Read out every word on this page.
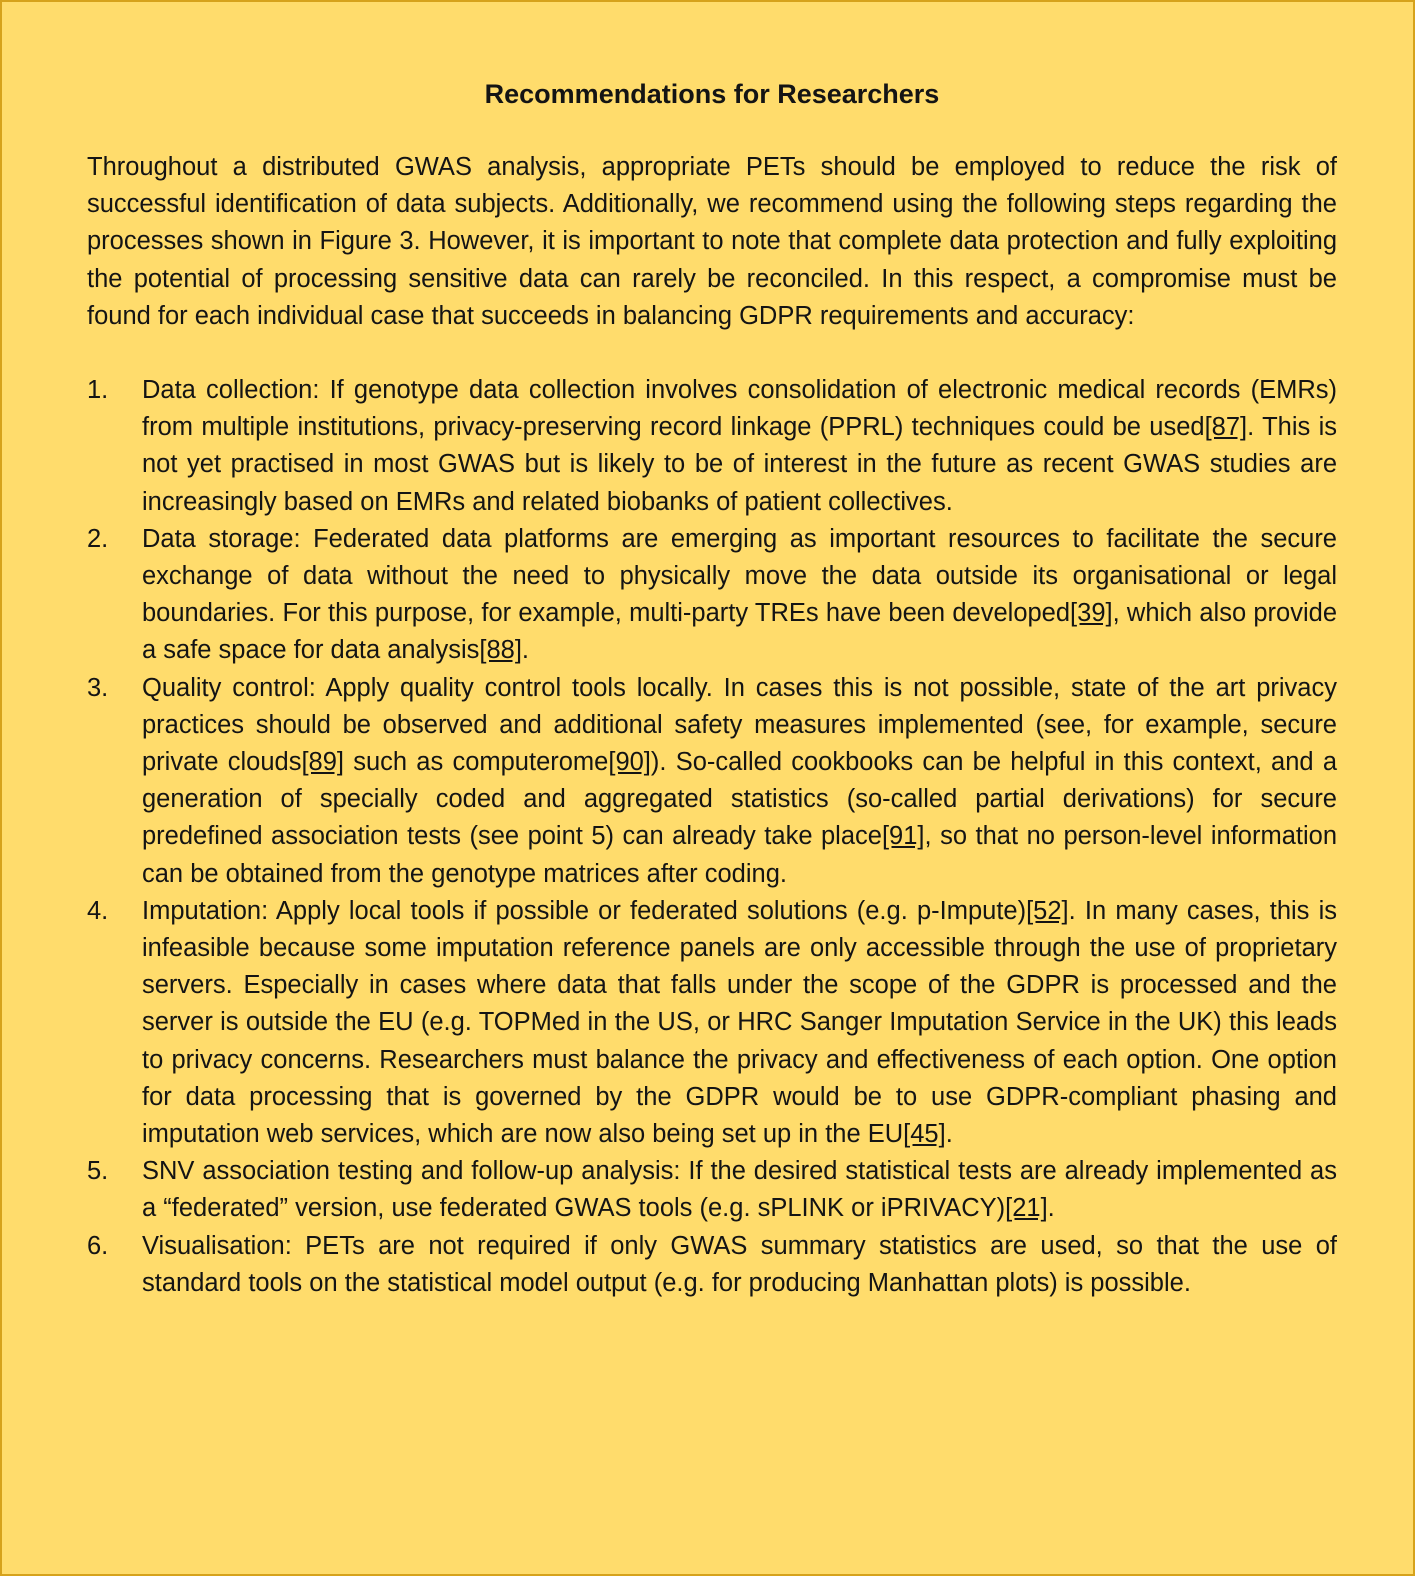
Recommendations for Researchers

Throughout a distributed GWAS analysis, appropriate PETs should be employed to reduce the risk of successful identification of data subjects. Additionally, we recommend using the following steps regarding the processes shown in Figure 3. However, it is important to note that complete data protection and fully exploiting the potential of processing sensitive data can rarely be reconciled. In this respect, a compromise must be found for each individual case that succeeds in balancing GDPR requirements and accuracy:

1. Data collection: If genotype data collection involves consolidation of electronic medical records (EMRs) from multiple institutions, privacy-preserving record linkage (PPRL) techniques could be used[87]. This is not yet practised in most GWAS but is likely to be of interest in the future as recent GWAS studies are increasingly based on EMRs and related biobanks of patient collectives.
2. Data storage: Federated data platforms are emerging as important resources to facilitate the secure exchange of data without the need to physically move the data outside its organisational or legal boundaries. For this purpose, for example, multi-party TREs have been developed[39], which also provide a safe space for data analysis[88].
3. Quality control: Apply quality control tools locally. In cases this is not possible, state of the art privacy practices should be observed and additional safety measures implemented (see, for example, secure private clouds[89] such as computerome[90]). So-called cookbooks can be helpful in this context, and a generation of specially coded and aggregated statistics (so-called partial derivations) for secure predefined association tests (see point 5) can already take place[91], so that no person-level information can be obtained from the genotype matrices after coding.
4. Imputation: Apply local tools if possible or federated solutions (e.g. p-Impute)[52]. In many cases, this is infeasible because some imputation reference panels are only accessible through the use of proprietary servers. Especially in cases where data that falls under the scope of the GDPR is processed and the server is outside the EU (e.g. TOPMed in the US, or HRC Sanger Imputation Service in the UK) this leads to privacy concerns. Researchers must balance the privacy and effectiveness of each option. One option for data processing that is governed by the GDPR would be to use GDPR-compliant phasing and imputation web services, which are now also being set up in the EU[45].
5. SNV association testing and follow-up analysis: If the desired statistical tests are already implemented as a “federated” version, use federated GWAS tools (e.g. sPLINK or iPRIVACY)[21].
6. Visualisation: PETs are not required if only GWAS summary statistics are used, so that the use of standard tools on the statistical model output (e.g. for producing Manhattan plots) is possible.
